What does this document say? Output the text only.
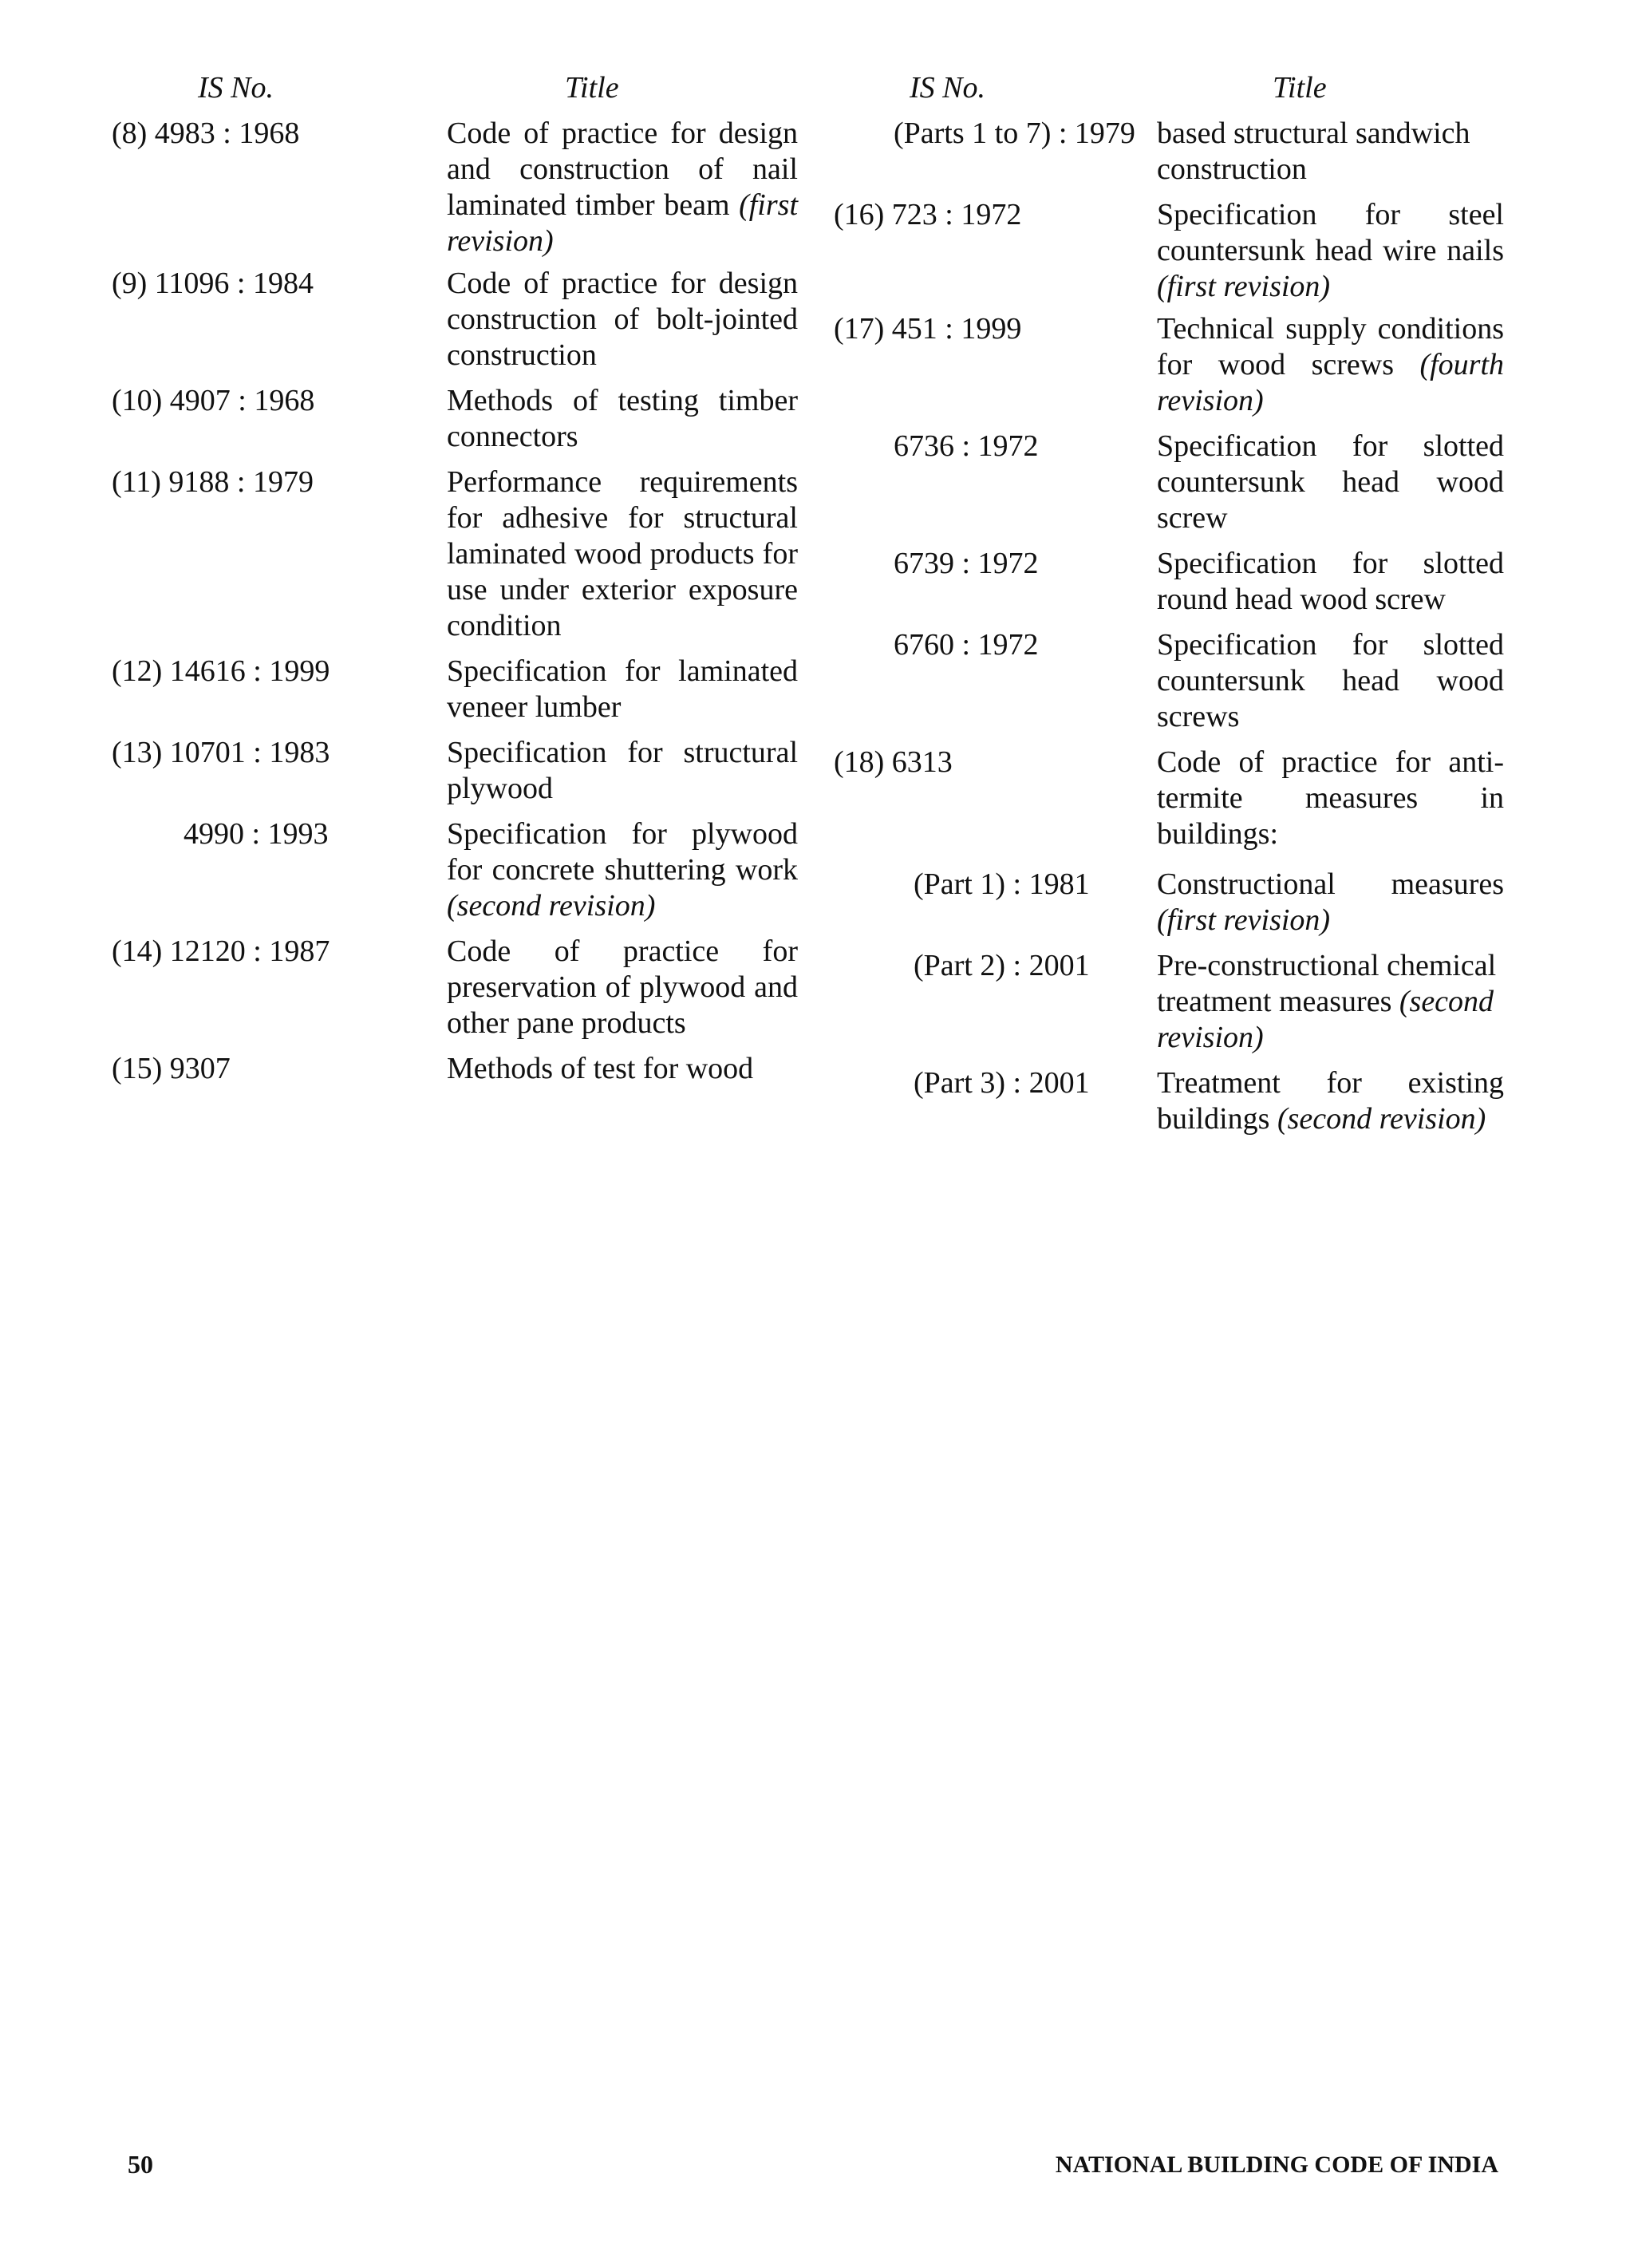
IS No.	Title	IS No.	Title
(8) 4983 : 1968	Code of practice for design and construction of nail laminated timber beam (first revision)
(9) 11096 : 1984	Code of practice for design construction of bolt-jointed construction
(10) 4907 : 1968	Methods of testing timber connectors
(11) 9188 : 1979	Performance requirements for adhesive for structural laminated wood products for use under exterior exposure condition
(12) 14616 : 1999	Specification for laminated veneer lumber
(13) 10701 : 1983	Specification for structural plywood
4990 : 1993	Specification for plywood for concrete shuttering work (second revision)
(14) 12120 : 1987	Code of practice for preservation of plywood and other pane products
(15) 9307	Methods of test for wood
(Parts 1 to 7) : 1979 based structural sandwich construction
(16) 723 : 1972	Specification for steel countersunk head wire nails (first revision)
(17) 451 : 1999	Technical supply conditions for wood screws (fourth revision)
6736 : 1972	Specification for slotted countersunk head wood screw
6739 : 1972	Specification for slotted round head wood screw
6760 : 1972	Specification for slotted countersunk head wood screws
(18) 6313	Code of practice for anti-termite measures in buildings:
(Part 1) : 1981	Constructional measures (first revision)
(Part 2) : 2001	Pre-constructional chemical treatment measures (second revision)
(Part 3) : 2001	Treatment for existing buildings (second revision)
50	NATIONAL BUILDING CODE OF INDIA
